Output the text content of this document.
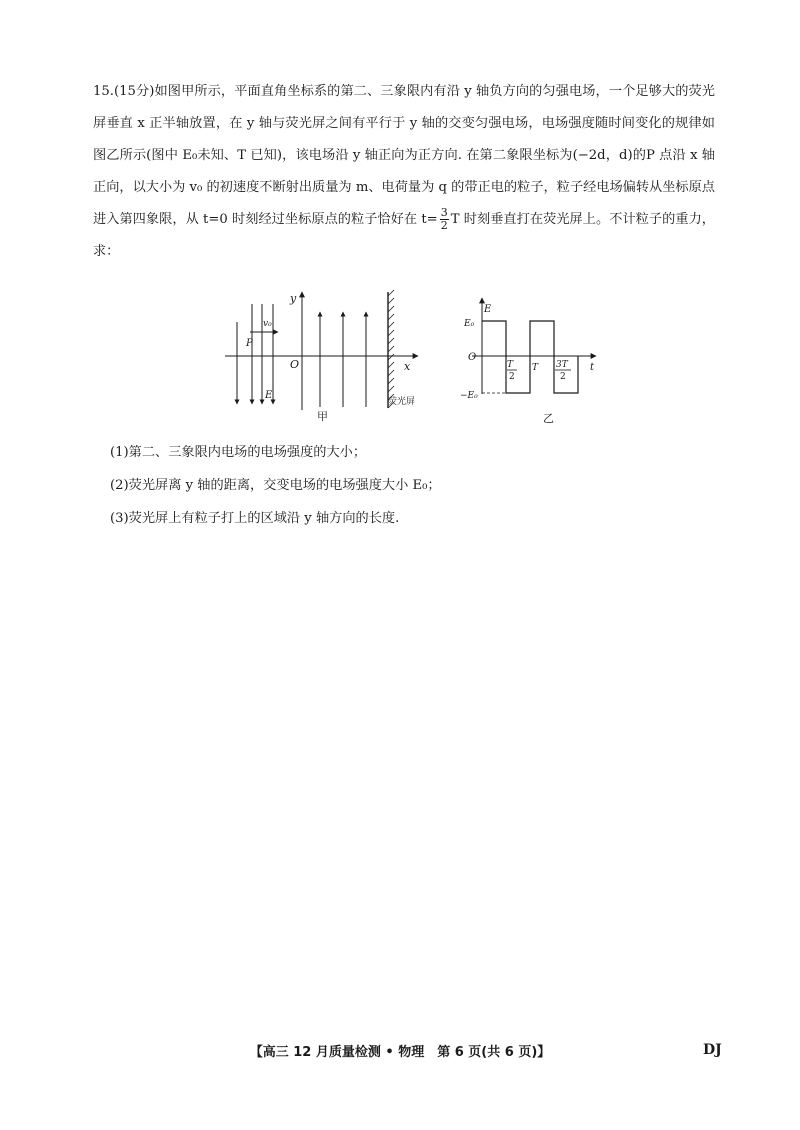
15.(15分)如图甲所示，平面直角坐标系的第二、三象限内有沿 y 轴负方向的匀强电场，一个足够大的荧光屏垂直 x 正半轴放置，在 y 轴与荧光屏之间有平行于 y 轴的交变匀强电场，电场强度随时间变化的规律如图乙所示(图中 E₀未知、T 已知)，该电场沿 y 轴正向为正方向. 在第二象限坐标为(−2d，d)的P 点沿 x 轴正向，以大小为 v₀ 的初速度不断射出质量为 m、电荷量为 q 的带正电的粒子，粒子经电场偏转从坐标原点进入第四象限，从 t=0 时刻经过坐标原点的粒子恰好在 $t= \frac{3}{2}$ T 时刻垂直打在荧光屏上。不计粒子的重力，求：

x
y
O
E
v₀
P
荧光屏
甲
E
t
O
E₀
−E₀
T
2
T 3T
2
乙

(1)第二、三象限内电场的电场强度的大小；

(2)荧光屏离 y 轴的距离，交变电场的电场强度大小 E₀；

(3)荧光屏上有粒子打上的区域沿 y 轴方向的长度.

【高三 12 月质量检测 • 物理　第 6 页(共 6 页)】	DJ
